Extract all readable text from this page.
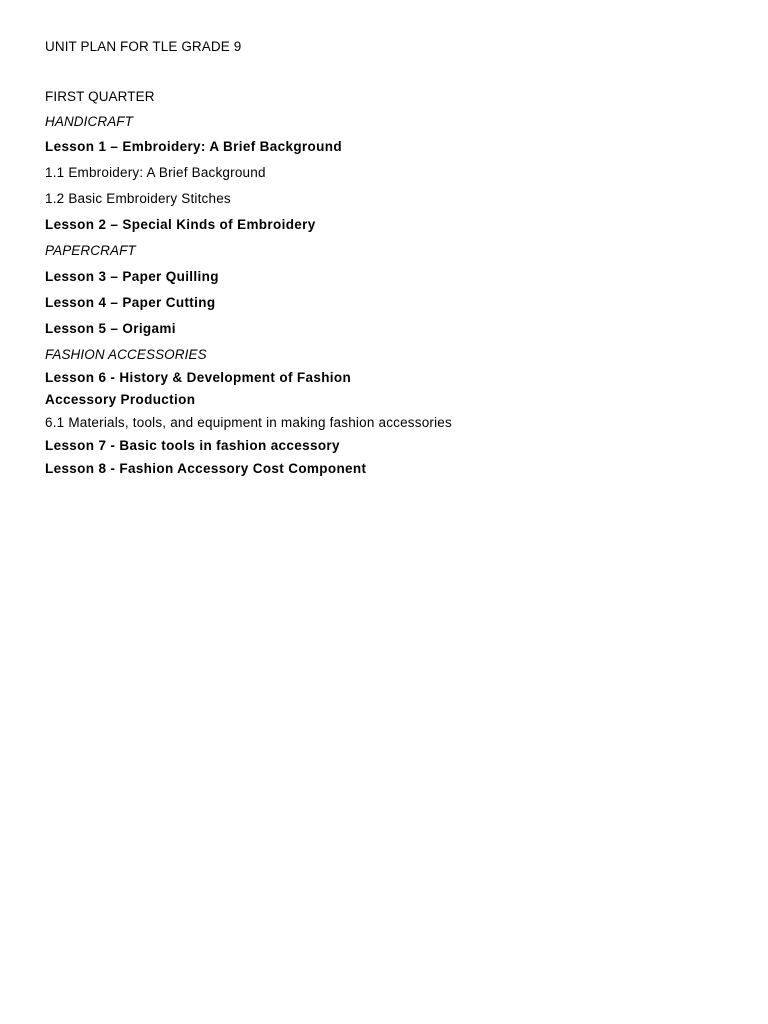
UNIT PLAN FOR TLE GRADE 9
FIRST QUARTER
HANDICRAFT
Lesson 1 – Embroidery: A Brief Background
1.1 Embroidery: A Brief Background
1.2 Basic Embroidery Stitches
Lesson 2 – Special Kinds of Embroidery
PAPERCRAFT
Lesson 3 – Paper Quilling
Lesson 4 – Paper Cutting
Lesson 5 – Origami
FASHION ACCESSORIES
Lesson 6 - History & Development of Fashion
Accessory Production
6.1 Materials, tools, and equipment in making fashion accessories
Lesson 7 - Basic tools in fashion accessory
Lesson 8 - Fashion Accessory Cost Component
